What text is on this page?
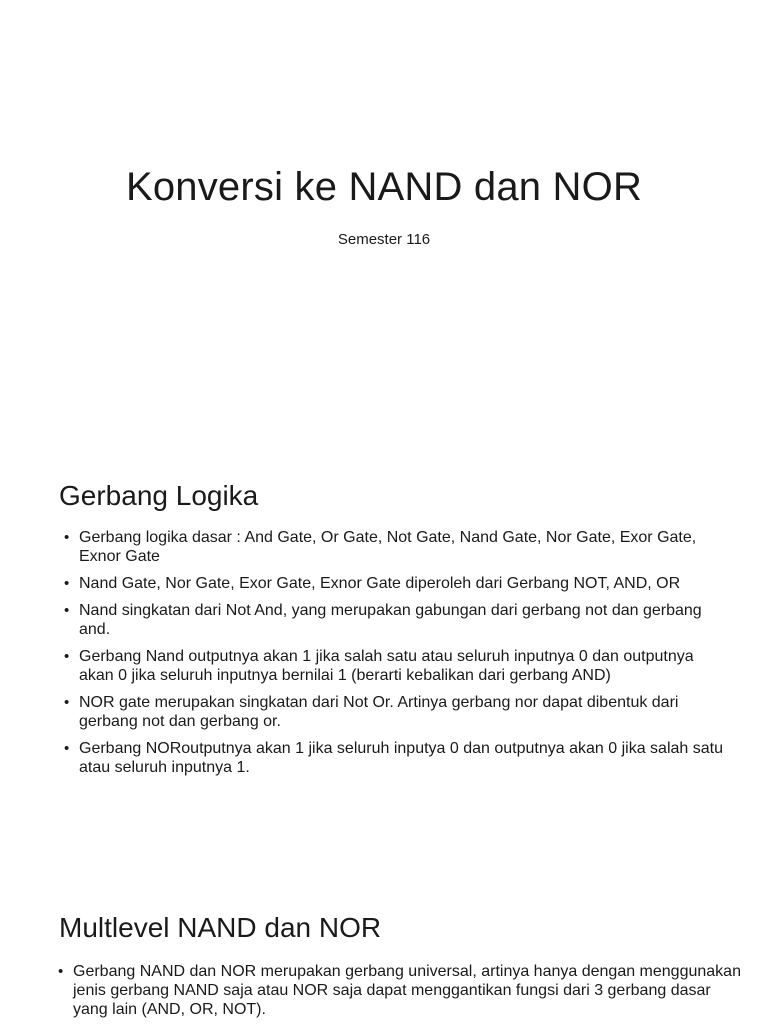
Konversi ke NAND dan NOR

Semester 116

Gerbang Logika
• Gerbang logika dasar : And Gate, Or Gate, Not Gate, Nand Gate, Nor Gate, Exor Gate, Exnor Gate
• Nand Gate, Nor Gate, Exor Gate, Exnor Gate diperoleh dari Gerbang NOT, AND, OR
• Nand singkatan dari Not And, yang merupakan gabungan dari gerbang not dan gerbang and.
• Gerbang Nand outputnya akan 1 jika salah satu atau seluruh inputnya 0 dan outputnya akan 0 jika seluruh inputnya bernilai 1 (berarti kebalikan dari gerbang AND)
• NOR gate merupakan singkatan dari Not Or. Artinya gerbang nor dapat dibentuk dari gerbang not dan gerbang or.
• Gerbang NORoutputnya akan 1 jika seluruh inputya 0 dan outputnya akan 0 jika salah satu atau seluruh inputnya 1.
Multlevel NAND dan NOR
• Gerbang NAND dan NOR merupakan gerbang universal, artinya hanya dengan menggunakan jenis gerbang NAND saja atau NOR saja dapat menggantikan fungsi dari 3 gerbang dasar yang lain (AND, OR, NOT).
